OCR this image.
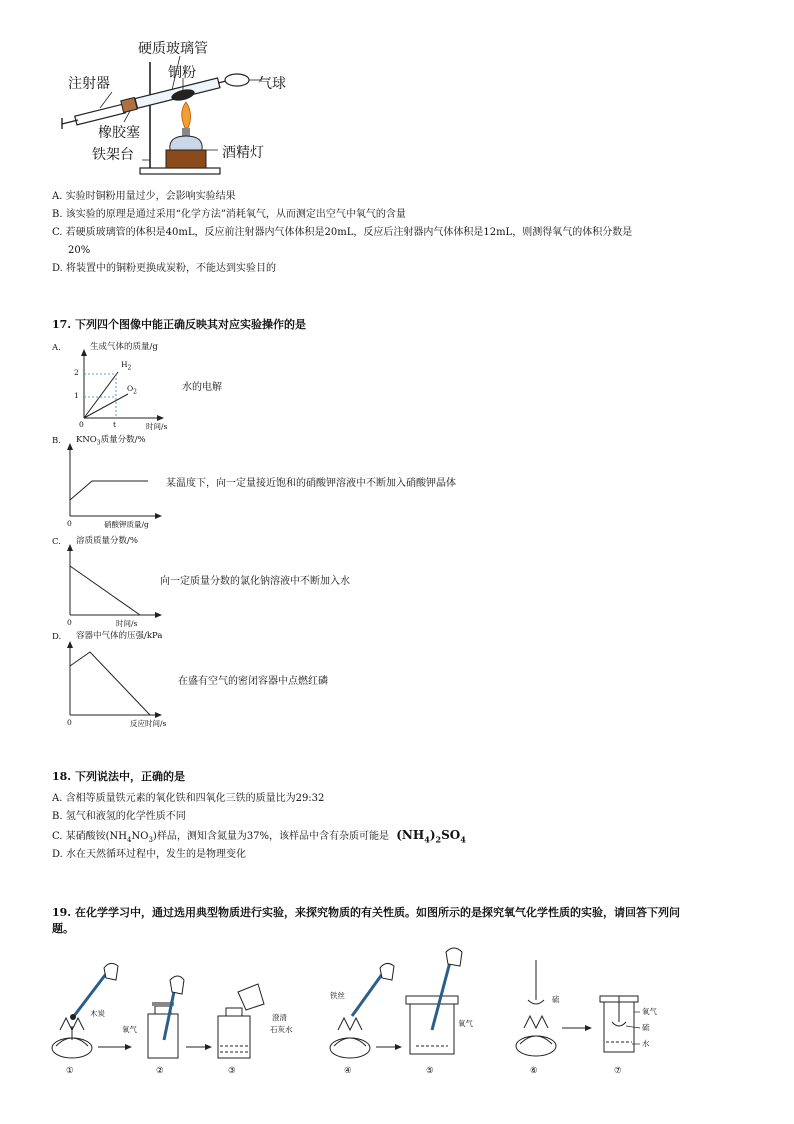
硬质玻璃管
铜粉
气球
注射器
橡胶塞
酒精灯
铁架台
A. 实验时铜粉用量过少，会影响实验结果
B. 该实验的原理是通过采用“化学方法”消耗氧气，从而测定出空气中氧气的含量
C. 若硬质玻璃管的体积是40mL，反应前注射器内气体体积是20mL，反应后注射器内气体体积是12mL，则测得氧气的体积分数是
20%
D. 将装置中的铜粉更换成炭粉，不能达到实验目的
17. 下列四个图像中能正确反映其对应实验操作的是
A.	生成气体的质量/g
2
1
0	t	时间/s
$H_2$
$O_2$	水的电解
B. $KNO_3$质量分数/%
0	硝酸钾质量/g
某温度下，向一定量接近饱和的硝酸钾溶液中不断加入硝酸钾晶体
C. 溶质质量分数/%
0	时间/s
向一定质量分数的氯化钠溶液中不断加入水
D. 容器中气体的压强/kPa
0	反应时间/s
在盛有空气的密闭容器中点燃红磷
18. 下列说法中，正确的是
A. 含相等质量铁元素的氧化铁和四氧化三铁的质量比为29:32
B. 氢气和液氢的化学性质不同
C. 某硝酸铵$(NH_4NO_3)$样品，测知含氮量为37%，该样品中含有杂质可能是 $(NH_4)_2SO_4$
D. 水在天然循环过程中，发生的是物理变化
19. 在化学学习中，通过选用典型物质进行实验，来探究物质的有关性质。如图所示的是探究氧气化学性质的实验，请回答下列问
题。
木炭
氧气
澄清
石灰水
铁丝
氧气
硫
氧气
硫
水
①	②	③	④	⑤	⑥	⑦
